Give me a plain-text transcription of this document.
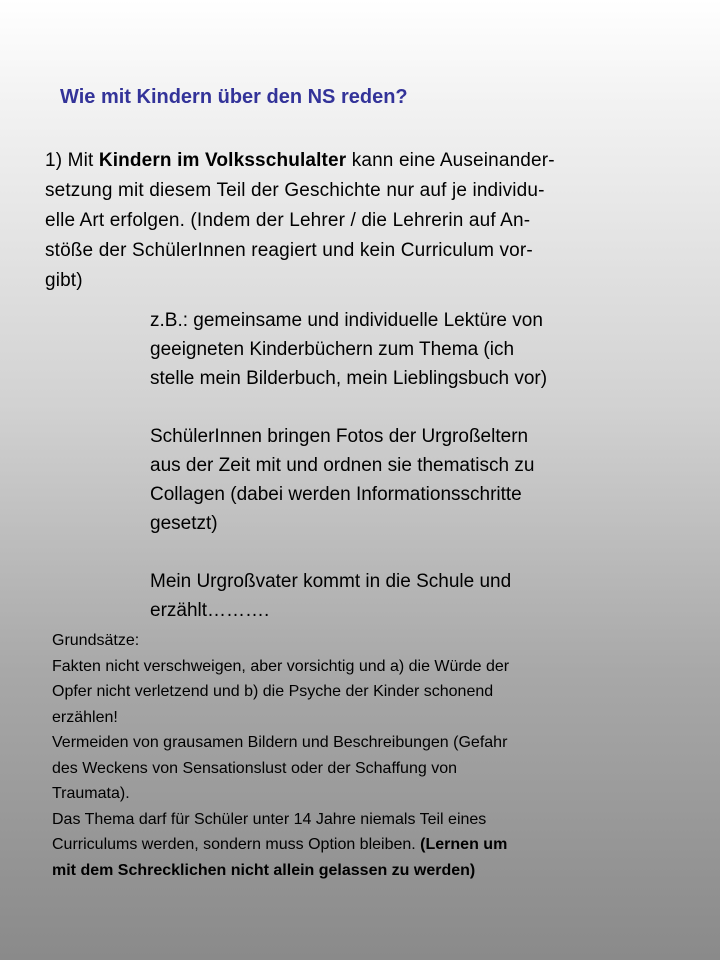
Wie mit Kindern über den NS reden?
1) Mit Kindern im Volksschulalter kann eine Auseinander-
setzung mit diesem Teil der Geschichte nur auf je individu-
elle Art erfolgen. (Indem der Lehrer / die Lehrerin auf An-
stöße der SchülerInnen reagiert und kein Curriculum vor-
gibt)
z.B.: gemeinsame und individuelle Lektüre von
geeigneten Kinderbüchern zum Thema (ich
stelle mein Bilderbuch, mein Lieblingsbuch vor)
SchülerInnen bringen Fotos der Urgroßeltern
aus der Zeit mit und ordnen sie thematisch zu
Collagen (dabei werden Informationsschritte
gesetzt)
Mein Urgroßvater kommt in die Schule und
erzählt……….
Grundsätze:
Fakten nicht verschweigen, aber vorsichtig und a) die Würde der
Opfer nicht verletzend und b) die Psyche der Kinder schonend
erzählen!
Vermeiden von grausamen Bildern und Beschreibungen (Gefahr
des Weckens von Sensationslust oder der Schaffung von
Traumata).
Das Thema darf für Schüler unter 14 Jahre niemals Teil eines
Curriculums werden, sondern muss Option bleiben. (Lernen um
mit dem Schrecklichen nicht allein gelassen zu werden)
